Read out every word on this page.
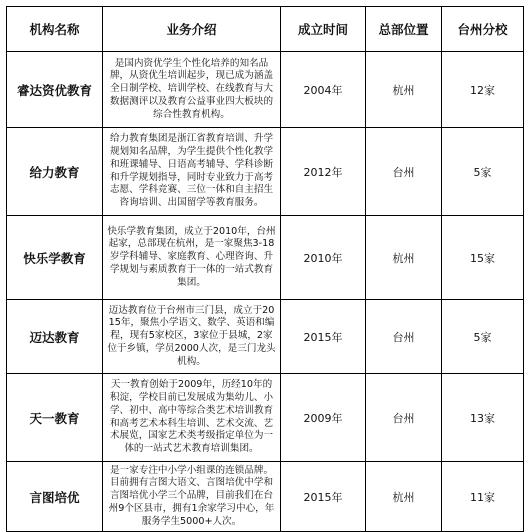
机构名称	业务介绍	成立时间	总部位置	台州分校
睿达资优教育	是国内资优学生个性化培养的知名品牌，从资优生培训起步，现已成为涵盖全日制学校、培训学校、在线教育与大数据测评以及教育公益事业四大板块的综合性教育机构。	2004年	杭州	12家
给力教育	给力教育集团是浙江省教育培训、升学规划知名品牌，为学生提供个性化教学和班课辅导、日语高考辅导、学科诊断和升学规划指导，同时专业致力于高考志愿、学科竞赛、三位一体和自主招生咨询培训、出国留学等教育服务。	2012年	台州	5家
快乐学教育	快乐学教育集团，成立于2010年，台州起家，总部现在杭州，是一家聚焦3-18岁学科辅导、家庭教育、心理咨询、升学规划与素质教育于一体的一站式教育集团。	2010年	杭州	15家
迈达教育	迈达教育位于台州市三门县，成立于2015年，聚焦小学语文、数学、英语和编程，现有5家校区，3家位于县城，2家位于乡镇，学员2000人次，是三门龙头机构。	2015年	台州	5家
天一教育	天一教育创始于2009年，历经10年的积淀，学校目前已发展成为集幼儿、小学、初中、高中等综合类艺术培训教育和高考艺术本科生培训、艺术交流、艺术展览，国家艺术类考级指定单位为一体的一站式艺术教育培训集团。	2009年	台州	13家
言图培优	是一家专注中小学小组课的连锁品牌。目前拥有言图大语文、言图培优中学和言图培优小学三个品牌，目前我们在台州9个区县市，拥有1余家学习中心，年服务学生5000+人次。	2015年	杭州	11家
